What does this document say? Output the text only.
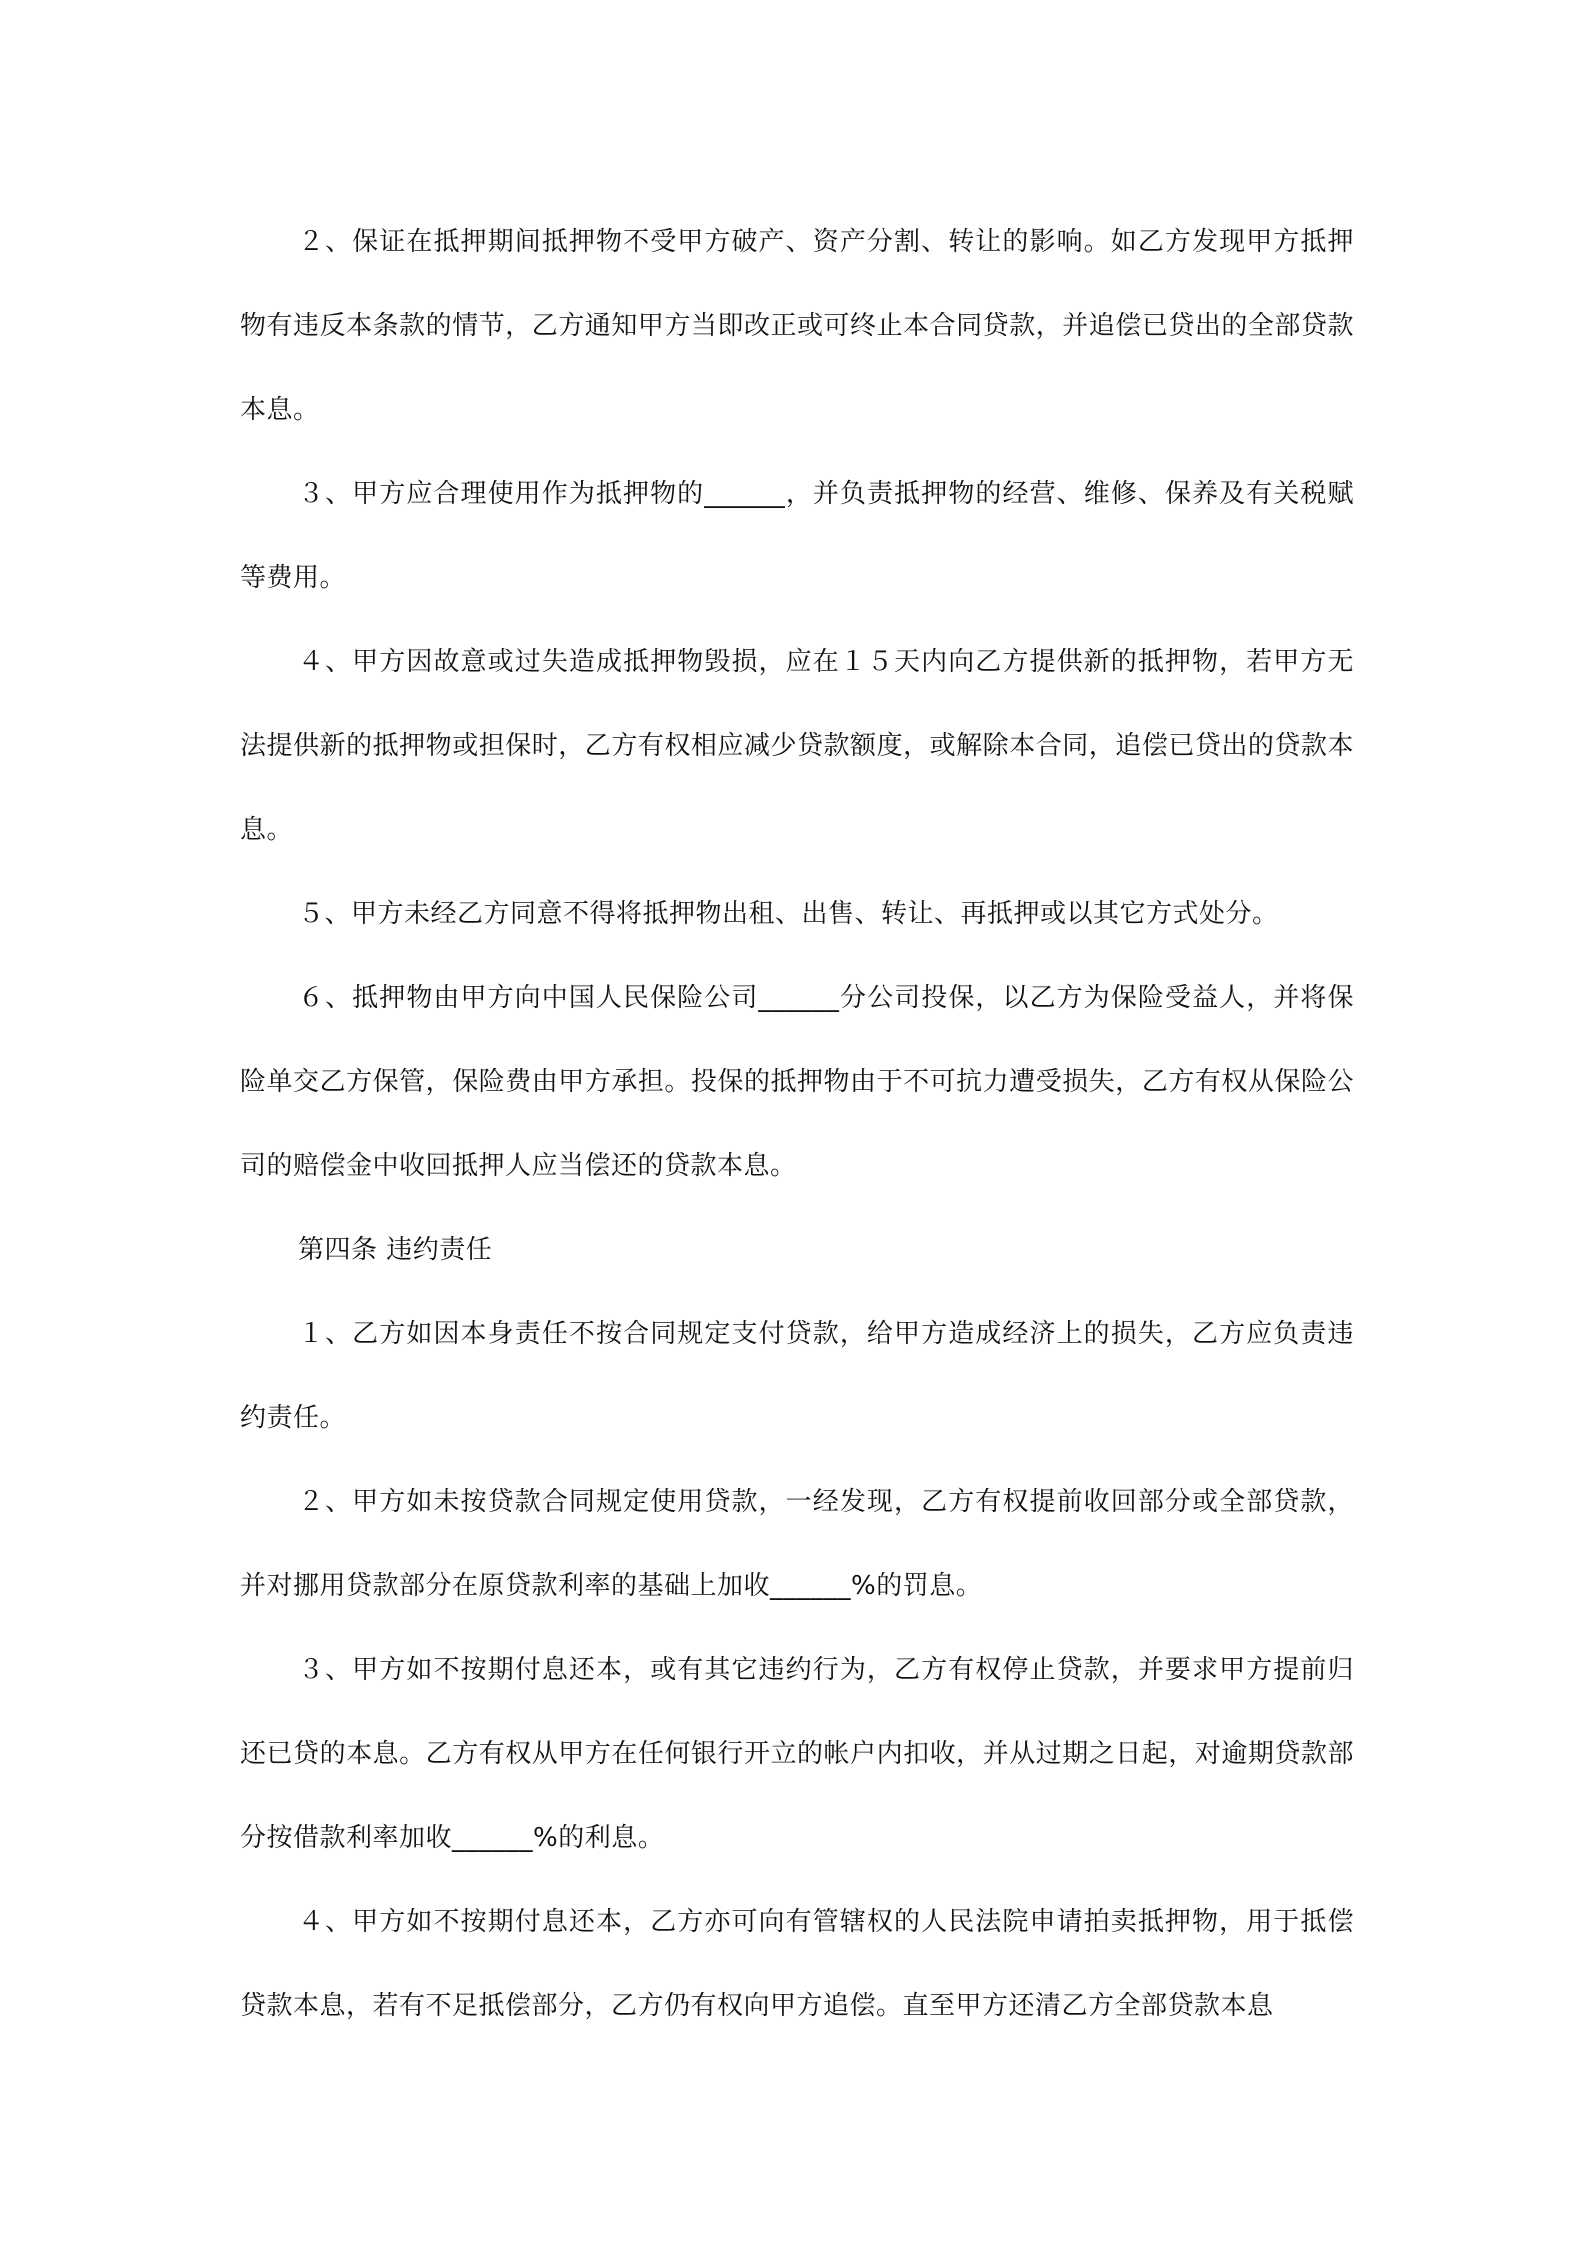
２、保证在抵押期间抵押物不受甲方破产、资产分割、转让的影响。如乙方发现甲方抵押物有违反本条款的情节，乙方通知甲方当即改正或可终止本合同贷款，并追偿已贷出的全部贷款本息。

３、甲方应合理使用作为抵押物的______，并负责抵押物的经营、维修、保养及有关税赋等费用。

４、甲方因故意或过失造成抵押物毁损，应在１５天内向乙方提供新的抵押物，若甲方无法提供新的抵押物或担保时，乙方有权相应减少贷款额度，或解除本合同，追偿已贷出的贷款本息。

５、甲方未经乙方同意不得将抵押物出租、出售、转让、再抵押或以其它方式处分。

６、抵押物由甲方向中国人民保险公司______分公司投保，以乙方为保险受益人，并将保险单交乙方保管，保险费由甲方承担。投保的抵押物由于不可抗力遭受损失，乙方有权从保险公司的赔偿金中收回抵押人应当偿还的贷款本息。

第四条 违约责任

１、乙方如因本身责任不按合同规定支付贷款，给甲方造成经济上的损失，乙方应负责违约责任。

２、甲方如未按贷款合同规定使用贷款，一经发现，乙方有权提前收回部分或全部贷款，并对挪用贷款部分在原贷款利率的基础上加收______%的罚息。

３、甲方如不按期付息还本，或有其它违约行为，乙方有权停止贷款，并要求甲方提前归还已贷的本息。乙方有权从甲方在任何银行开立的帐户内扣收，并从过期之日起，对逾期贷款部分按借款利率加收______%的利息。

４、甲方如不按期付息还本，乙方亦可向有管辖权的人民法院申请拍卖抵押物，用于抵偿贷款本息，若有不足抵偿部分，乙方仍有权向甲方追偿。直至甲方还清乙方全部贷款本息
